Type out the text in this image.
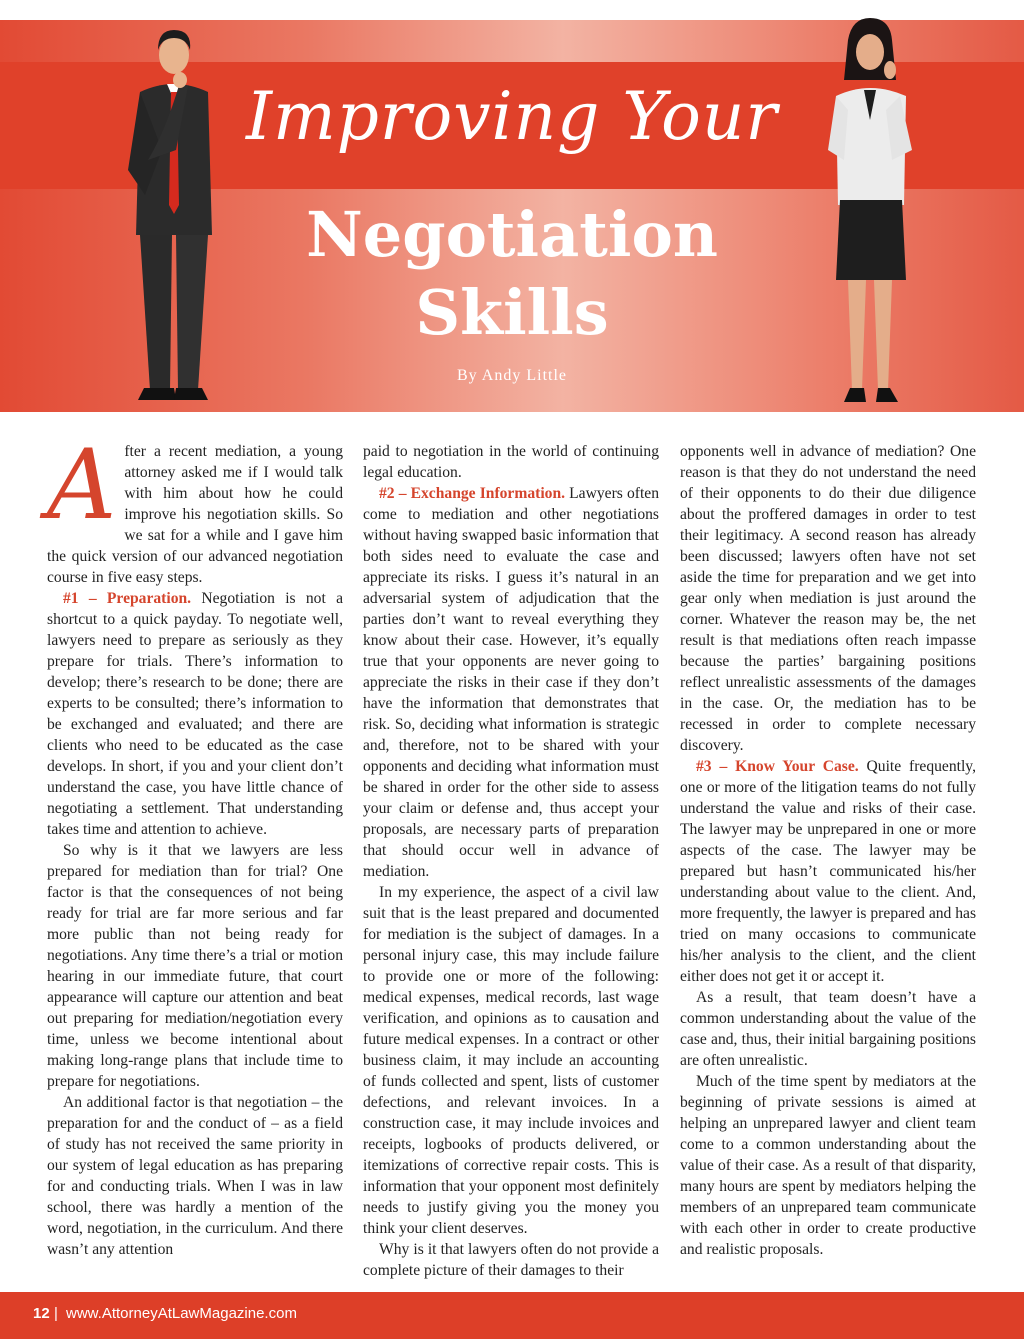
Improving Your
Negotiation
Skills
By Andy Little

After a recent mediation, a young attorney asked me if I would talk with him about how he could improve his negotiation skills. So we sat for a while and I gave him the quick version of our advanced negotiation course in five easy steps.

#1 – Preparation. Negotiation is not a shortcut to a quick payday. To negotiate well, lawyers need to prepare as seriously as they prepare for trials. There’s information to develop; there’s research to be done; there are experts to be consulted; there’s information to be exchanged and evaluated; and there are clients who need to be educated as the case develops. In short, if you and your client don’t understand the case, you have little chance of negotiating a settlement. That understanding takes time and attention to achieve.

So why is it that we lawyers are less prepared for mediation than for trial? One factor is that the consequences of not being ready for trial are far more serious and far more public than not being ready for negotiations. Any time there’s a trial or motion hearing in our immediate future, that court appearance will capture our attention and beat out preparing for mediation/negotiation every time, unless we become intentional about making long-range plans that include time to prepare for negotiations.

An additional factor is that negotiation – the preparation for and the conduct of – as a field of study has not received the same priority in our system of legal education as has preparing for and conducting trials. When I was in law school, there was hardly a mention of the word, negotiation, in the curriculum. And there wasn’t any attention

paid to negotiation in the world of continuing legal education.

#2 – Exchange Information. Lawyers often come to mediation and other negotiations without having swapped basic information that both sides need to evaluate the case and appreciate its risks. I guess it’s natural in an adversarial system of adjudication that the parties don’t want to reveal everything they know about their case. However, it’s equally true that your opponents are never going to appreciate the risks in their case if they don’t have the information that demonstrates that risk. So, deciding what information is strategic and, therefore, not to be shared with your opponents and deciding what information must be shared in order for the other side to assess your claim or defense and, thus accept your proposals, are necessary parts of preparation that should occur well in advance of mediation.

In my experience, the aspect of a civil law suit that is the least prepared and documented for mediation is the subject of damages. In a personal injury case, this may include failure to provide one or more of the following: medical expenses, medical records, last wage verification, and opinions as to causation and future medical expenses. In a contract or other business claim, it may include an accounting of funds collected and spent, lists of customer defections, and relevant invoices. In a construction case, it may include invoices and receipts, logbooks of products delivered, or itemizations of corrective repair costs. This is information that your opponent most definitely needs to justify giving you the money you think your client deserves.

Why is it that lawyers often do not provide a complete picture of their damages to their

opponents well in advance of mediation? One reason is that they do not understand the need of their opponents to do their due diligence about the proffered damages in order to test their legitimacy. A second reason has already been discussed; lawyers often have not set aside the time for preparation and we get into gear only when mediation is just around the corner. Whatever the reason may be, the net result is that mediations often reach impasse because the parties’ bargaining positions reflect unrealistic assessments of the damages in the case. Or, the mediation has to be recessed in order to complete necessary discovery.

#3 – Know Your Case. Quite frequently, one or more of the litigation teams do not fully understand the value and risks of their case. The lawyer may be unprepared in one or more aspects of the case. The lawyer may be prepared but hasn’t communicated his/her understanding about value to the client. And, more frequently, the lawyer is prepared and has tried on many occasions to communicate his/her analysis to the client, and the client either does not get it or accept it.

As a result, that team doesn’t have a common understanding about the value of the case and, thus, their initial bargaining positions are often unrealistic.

Much of the time spent by mediators at the beginning of private sessions is aimed at helping an unprepared lawyer and client team come to a common understanding about the value of their case. As a result of that disparity, many hours are spent by mediators helping the members of an unprepared team communicate with each other in order to create productive and realistic proposals.

12 | www.AttorneyAtLawMagazine.com
